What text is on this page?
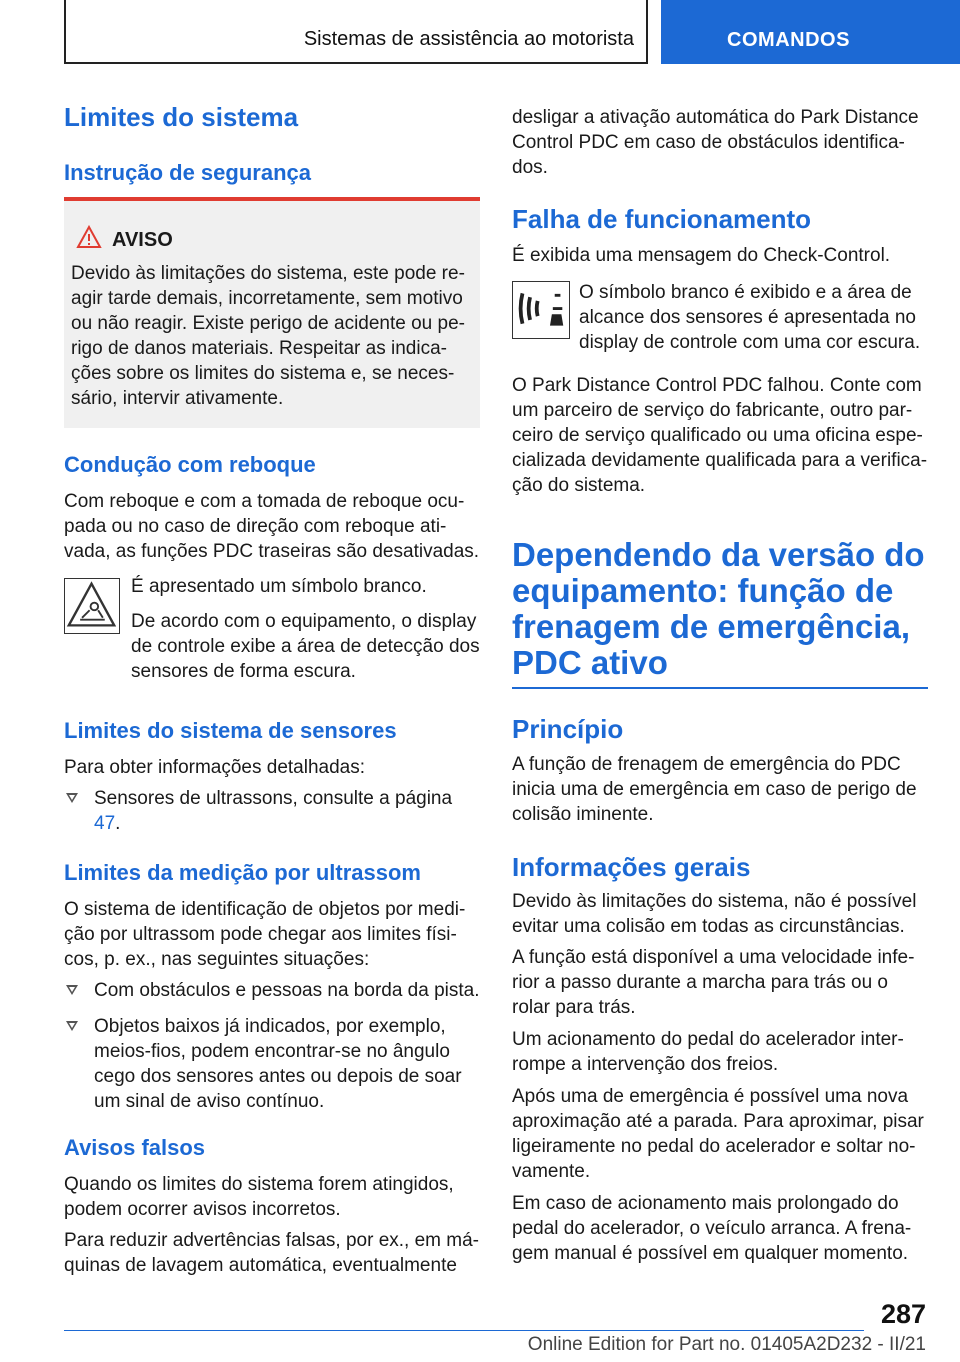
Sistemas de assistência ao motorista	COMANDOS
Limites do sistema
Instrução de segurança
AVISO

Devido às limitações do sistema, este pode re‐agir tarde demais, incorretamente, sem motivo ou não reagir. Existe perigo de acidente ou pe‐rigo de danos materiais. Respeitar as indica‐ções sobre os limites do sistema e, se neces‐sário, intervir ativamente.

Condução com reboque

Com reboque e com a tomada de reboque ocu‐pada ou no caso de direção com reboque ati‐vada, as funções PDC traseiras são desativadas.

É apresentado um símbolo branco.

De acordo com o equipamento, o display de controle exibe a área de detecção dos sensores de forma escura.

Limites do sistema de sensores

Para obter informações detalhadas:

Sensores de ultrassons, consulte a página
47.
Limites da medição por ultrassom

O sistema de identificação de objetos por medi‐ção por ultrassom pode chegar aos limites físi‐cos, p. ex., nas seguintes situações:

Com obstáculos e pessoas na borda da pista.
Objetos baixos já indicados, por exemplo, meios-fios, podem encontrar-se no ângulo cego dos sensores antes ou depois de soar um sinal de aviso contínuo.
Avisos falsos

Quando os limites do sistema forem atingidos, podem ocorrer avisos incorretos.

Para reduzir advertências falsas, por ex., em má‐quinas de lavagem automática, eventualmente

desligar a ativação automática do Park Distance Control PDC em caso de obstáculos identifica‐dos.

Falha de funcionamento

É exibida uma mensagem do Check-Control.

O símbolo branco é exibido e a área de alcance dos sensores é apresentada no display de controle com uma cor escura.

O Park Distance Control PDC falhou. Conte com um parceiro de serviço do fabricante, outro par‐ceiro de serviço qualificado ou uma oficina espe‐cializada devidamente qualificada para a verifica‐ção do sistema.

Dependendo da versão do
equipamento: função de
frenagem de emergência,
PDC ativo
Princípio

A função de frenagem de emergência do PDC inicia uma de emergência em caso de perigo de colisão iminente.

Informações gerais

Devido às limitações do sistema, não é possível evitar uma colisão em todas as circunstâncias.

A função está disponível a uma velocidade infe‐rior a passo durante a marcha para trás ou o rolar para trás.

Um acionamento do pedal do acelerador inter‐rompe a intervenção dos freios.

Após uma de emergência é possível uma nova aproximação até a parada. Para aproximar, pisar ligeiramente no pedal do acelerador e soltar no‐vamente.

Em caso de acionamento mais prolongado do pedal do acelerador, o veículo arranca. A frena‐gem manual é possível em qualquer momento.

287
Online Edition for Part no. 01405A2D232 - II/21
